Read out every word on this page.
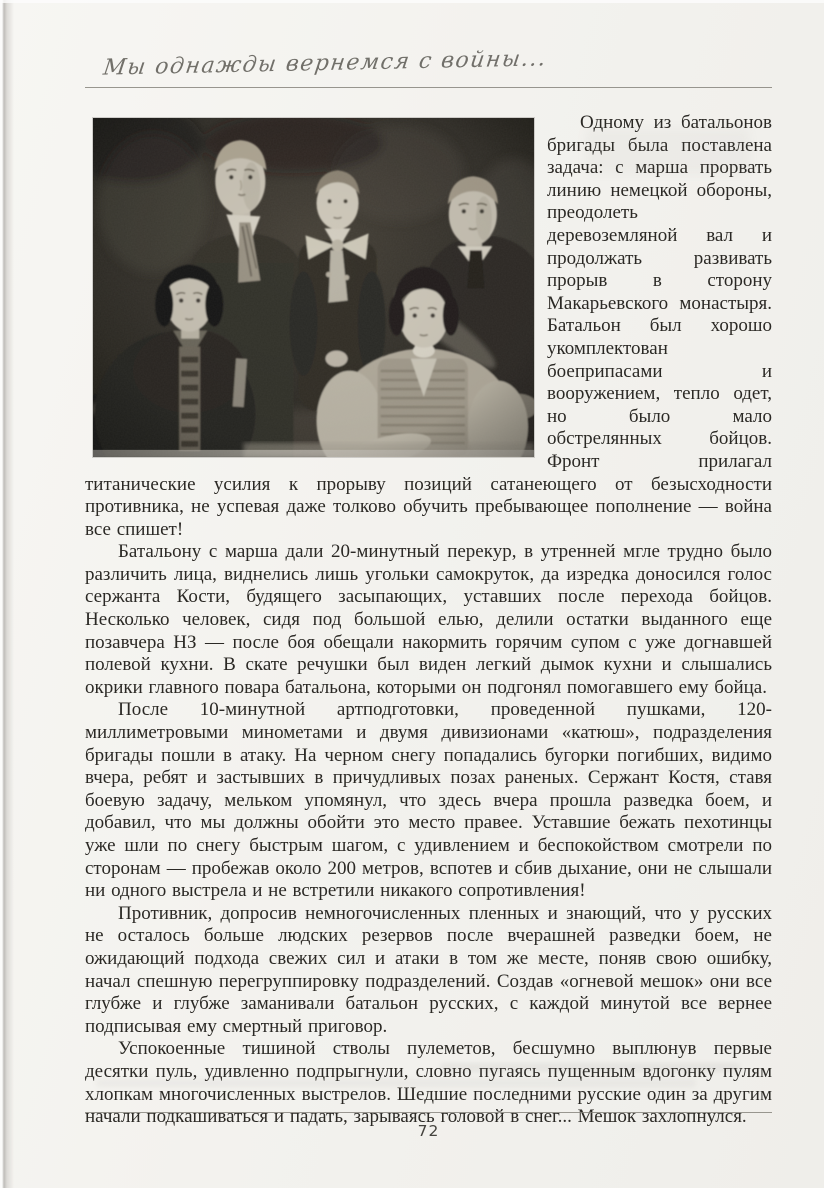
Мы однажды вернемся с войны...

Одному из батальонов бригады была поставлена задача: с марша прорвать линию немецкой обороны, преодолеть деревоземляной вал и продолжать развивать прорыв в сторону Макарьевского монастыря. Батальон был хорошо укомплектован боеприпасами и вооружением, тепло одет, но было мало обстрелянных бойцов. Фронт прилагал титанические усилия к прорыву позиций сатанеющего от безысходности противника, не успевая даже толково обучить пребывающее пополнение — война все спишет!

Батальону с марша дали 20-минутный перекур, в утренней мгле трудно было различить лица, виднелись лишь угольки самокруток, да изредка доносился голос сержанта Кости, будящего засыпающих, уставших после перехода бойцов. Несколько человек, сидя под большой елью, делили остатки выданного еще позавчера НЗ — после боя обещали накормить горячим супом с уже догнавшей полевой кухни. В скате речушки был виден легкий дымок кухни и слышались окрики главного повара батальона, которыми он подгонял помогавшего ему бойца.

После 10-минутной артподготовки, проведенной пушками, 120-миллиметровыми минометами и двумя дивизионами «катюш», подразделения бригады пошли в атаку. На черном снегу попадались бугорки погибших, видимо вчера, ребят и застывших в причудливых позах раненых. Сержант Костя, ставя боевую задачу, мельком упомянул, что здесь вчера прошла разведка боем, и добавил, что мы должны обойти это место правее. Уставшие бежать пехотинцы уже шли по снегу быстрым шагом, с удивлением и беспокойством смотрели по сторонам — пробежав около 200 метров, вспотев и сбив дыхание, они не слышали ни одного выстрела и не встретили никакого сопротивления!

Противник, допросив немногочисленных пленных и знающий, что у русских не осталось больше людских резервов после вчерашней разведки боем, не ожидающий подхода свежих сил и атаки в том же месте, поняв свою ошибку, начал спешную перегруппировку подразделений. Создав «огневой мешок» они все глубже и глубже заманивали батальон русских, с каждой минутой все вернее подписывая ему смертный приговор.

Успокоенные тишиной стволы пулеметов, бесшумно выплюнув первые десятки пуль, удивленно подпрыгнули, словно пугаясь пущенным вдогонку пулям хлопкам многочисленных выстрелов. Шедшие последними русские один за другим начали подкашиваться и падать, зарываясь головой в снег... Мешок захлопнулся.

72
